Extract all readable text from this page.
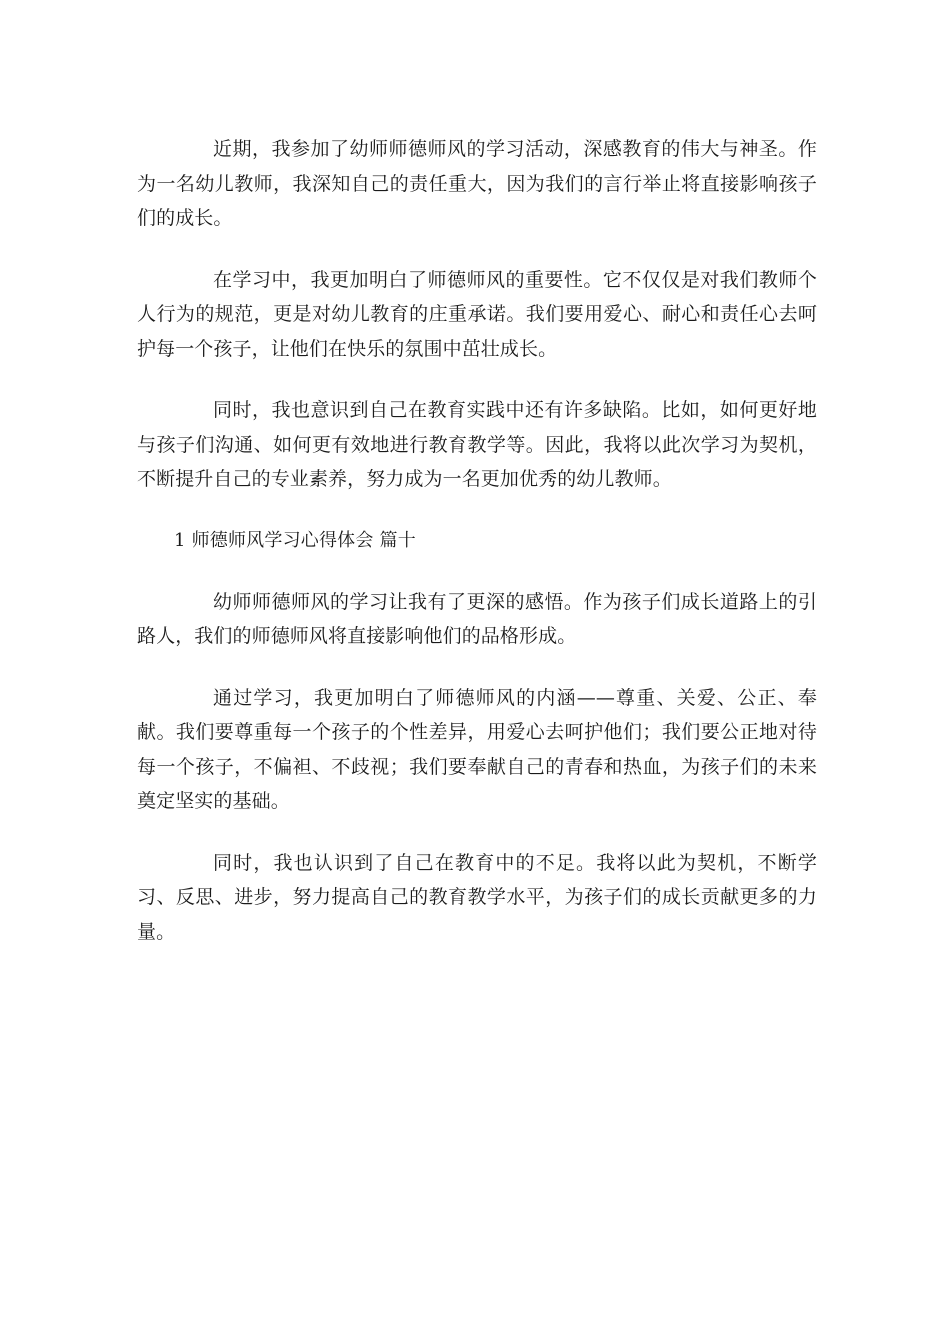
近期，我参加了幼师师德师风的学习活动，深感教育的伟大与神圣。作为一名幼儿教师，我深知自己的责任重大，因为我们的言行举止将直接影响孩子们的成长。

在学习中，我更加明白了师德师风的重要性。它不仅仅是对我们教师个人行为的规范，更是对幼儿教育的庄重承诺。我们要用爱心、耐心和责任心去呵护每一个孩子，让他们在快乐的氛围中茁壮成长。

同时，我也意识到自己在教育实践中还有许多缺陷。比如，如何更好地与孩子们沟通、如何更有效地进行教育教学等。因此，我将以此次学习为契机，不断提升自己的专业素养，努力成为一名更加优秀的幼儿教师。

1 师德师风学习心得体会 篇十

幼师师德师风的学习让我有了更深的感悟。作为孩子们成长道路上的引路人，我们的师德师风将直接影响他们的品格形成。

通过学习，我更加明白了师德师风的内涵——尊重、关爱、公正、奉献。我们要尊重每一个孩子的个性差异，用爱心去呵护他们；我们要公正地对待每一个孩子，不偏袒、不歧视；我们要奉献自己的青春和热血，为孩子们的未来奠定坚实的基础。

同时，我也认识到了自己在教育中的不足。我将以此为契机，不断学习、反思、进步，努力提高自己的教育教学水平，为孩子们的成长贡献更多的力量。
